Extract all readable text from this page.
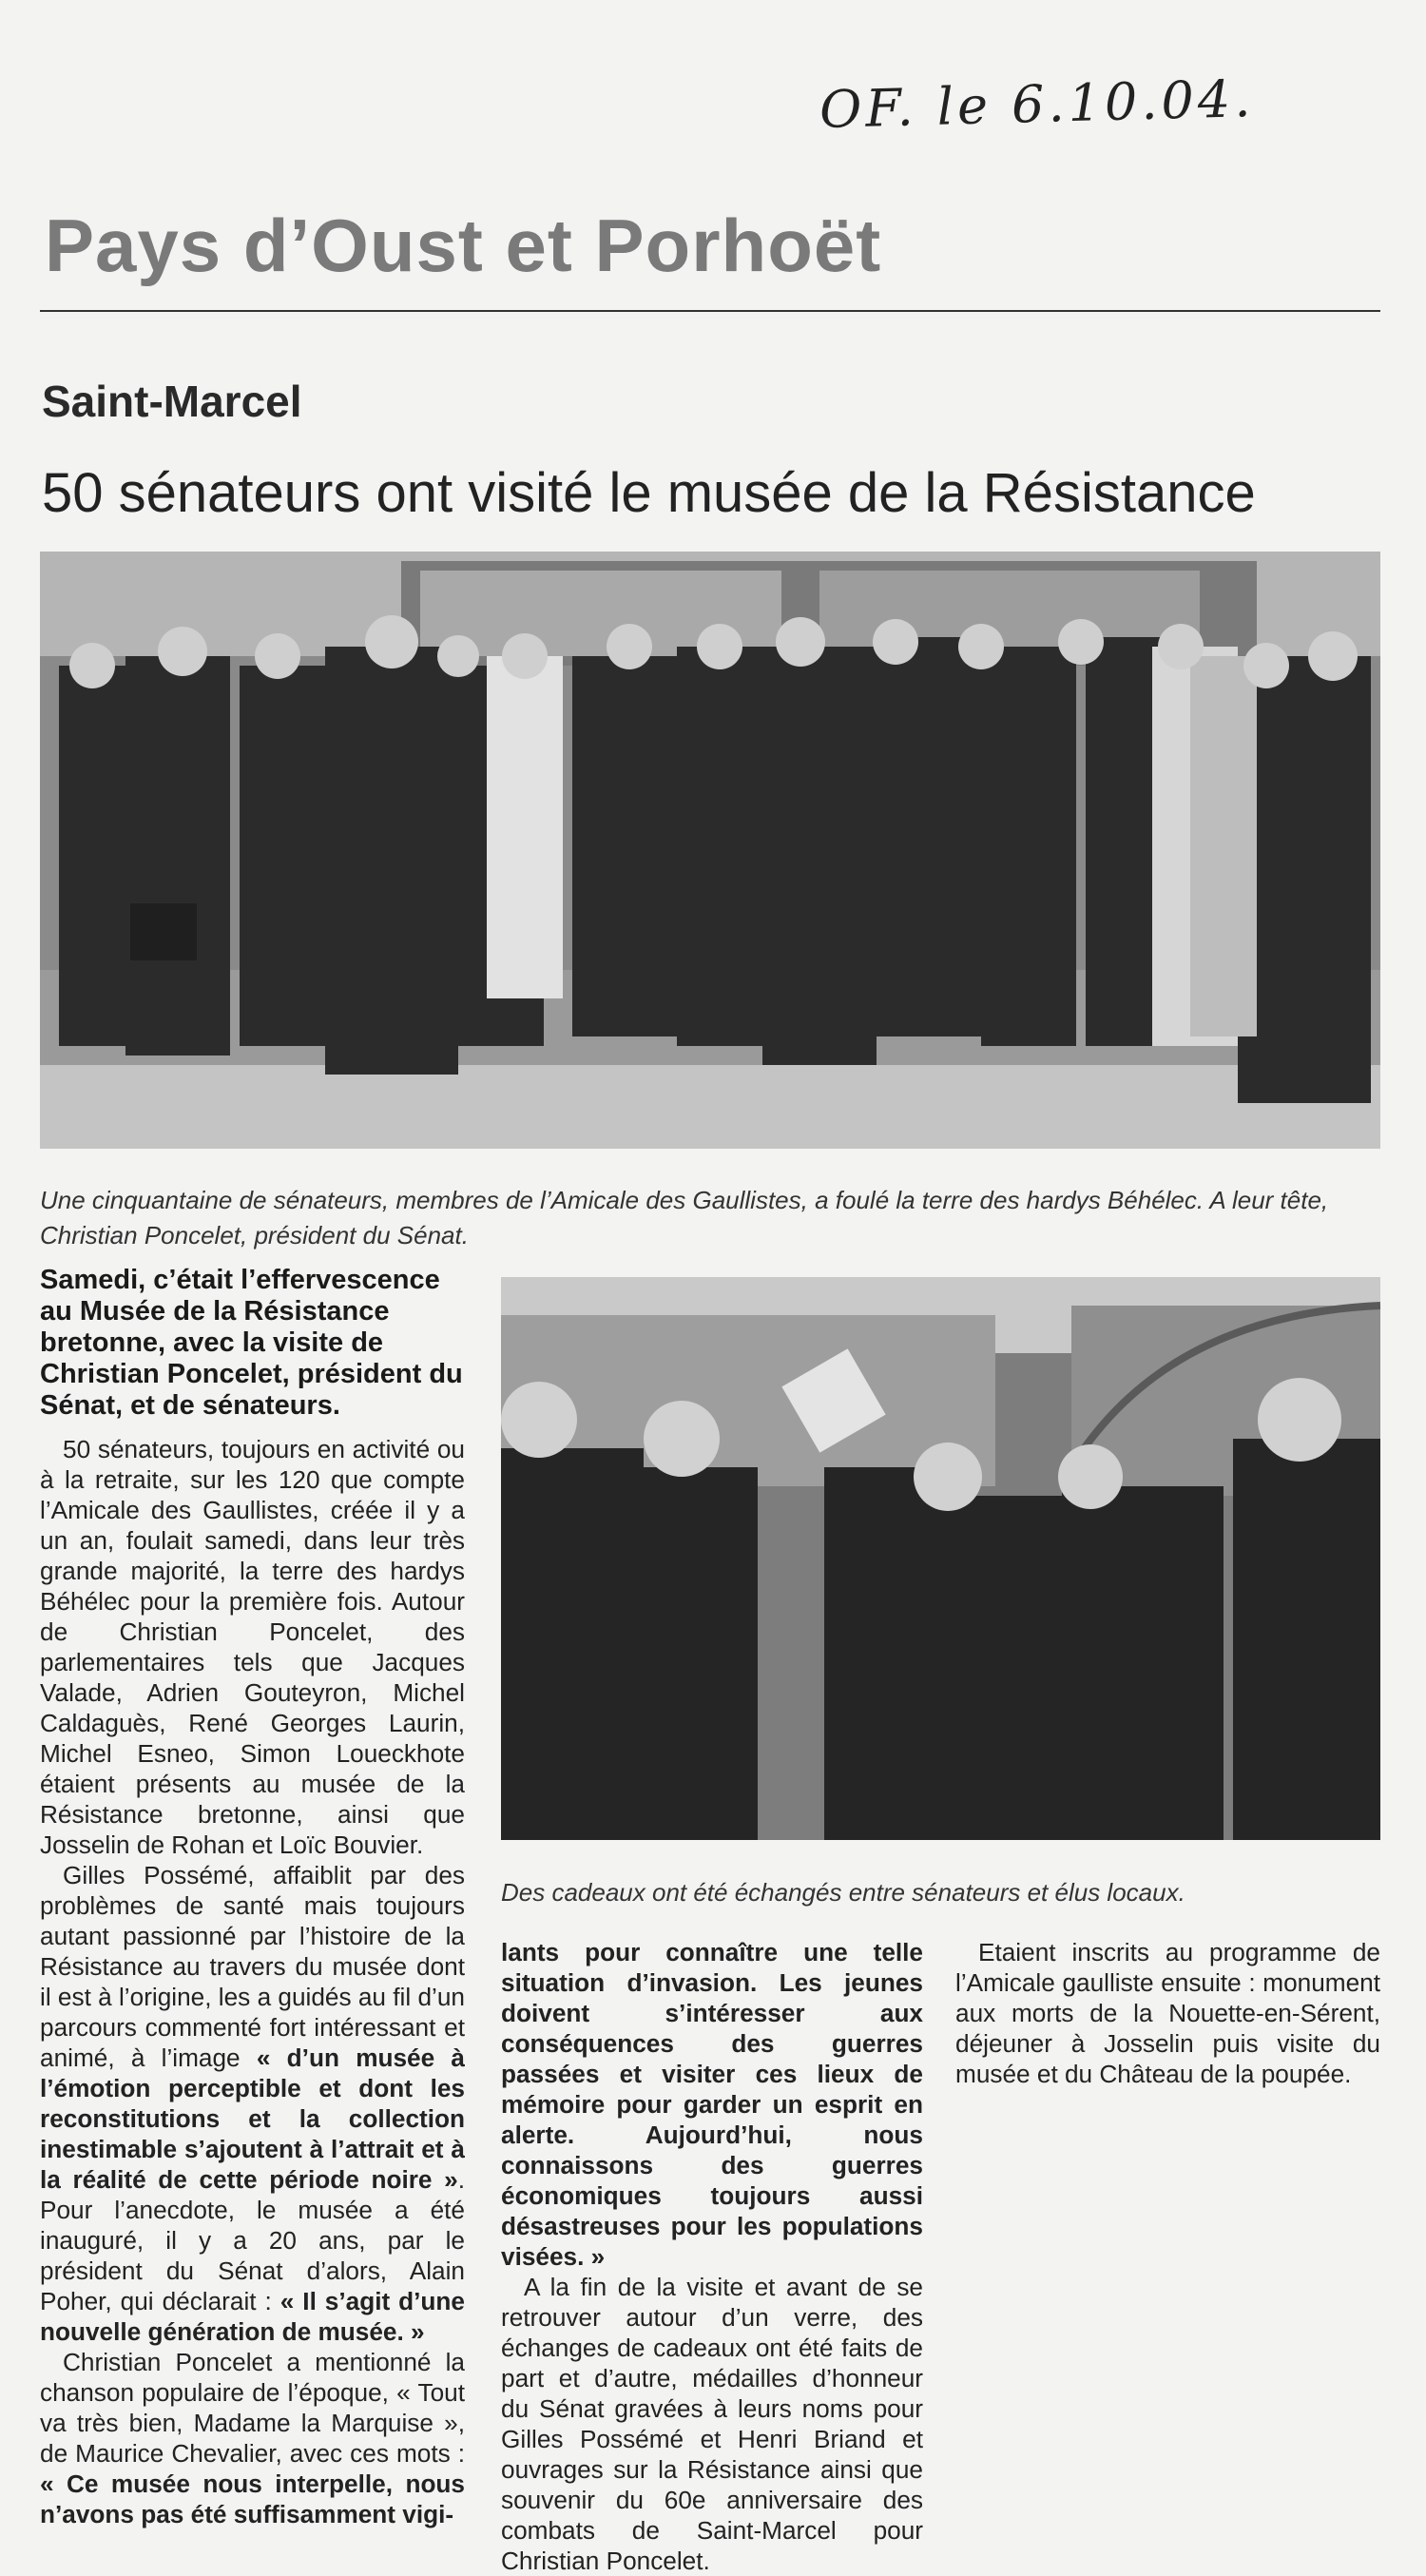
OF. le 6.10.04.
Pays d’Oust et Porhoët
Saint-Marcel
50 sénateurs ont visité le musée de la Résistance
Une cinquantaine de sénateurs, membres de l’Amicale des Gaullistes, a foulé la terre des hardys Béhélec. A leur tête, Christian Poncelet, président du Sénat.
Samedi, c’était l’effervescence au Musée de la Résistance bretonne, avec la visite de Christian Poncelet, président du Sénat, et de sénateurs.
Des cadeaux ont été échangés entre sénateurs et élus locaux.

50 sénateurs, toujours en activité ou à la retraite, sur les 120 que compte l’Amicale des Gaullistes, créée il y a un an, foulait samedi, dans leur très grande majorité, la terre des hardys Béhélec pour la première fois. Autour de Christian Poncelet, des parlementaires tels que Jacques Valade, Adrien Gouteyron, Michel Caldaguès, René Georges Laurin, Michel Esneo, Simon Loueckhote étaient présents au musée de la Résistance bretonne, ainsi que Josselin de Rohan et Loïc Bouvier.

Gilles Possémé, affaiblit par des problèmes de santé mais toujours autant passionné par l’histoire de la Résistance au travers du musée dont il est à l’origine, les a guidés au fil d’un parcours commenté fort intéressant et animé, à l’image « d’un musée à l’émotion perceptible et dont les reconstitutions et la collection inestimable s’ajoutent à l’attrait et à la réalité de cette période noire ». Pour l’anecdote, le musée a été inauguré, il y a 20 ans, par le président du Sénat d’alors, Alain Poher, qui déclarait : « Il s’agit d’une nouvelle génération de musée. »

Christian Poncelet a mentionné la chanson populaire de l’époque, « Tout va très bien, Madame la Marquise », de Maurice Chevalier, avec ces mots : « Ce musée nous interpelle, nous n’avons pas été suffisamment vigi-

lants pour connaître une telle situation d’invasion. Les jeunes doivent s’intéresser aux conséquences des guerres passées et visiter ces lieux de mémoire pour garder un esprit en alerte. Aujourd’hui, nous connaissons des guerres économiques toujours aussi désastreuses pour les populations visées. »

A la fin de la visite et avant de se retrouver autour d’un verre, des échanges de cadeaux ont été faits de part et d’autre, médailles d’honneur du Sénat gravées à leurs noms pour Gilles Possémé et Henri Briand et ouvrages sur la Résistance ainsi que souvenir du 60e anniversaire des combats de Saint-Marcel pour Christian Poncelet.

Etaient inscrits au programme de l’Amicale gaulliste ensuite : monument aux morts de la Nouette-en-Sérent, déjeuner à Josselin puis visite du musée et du Château de la poupée.
